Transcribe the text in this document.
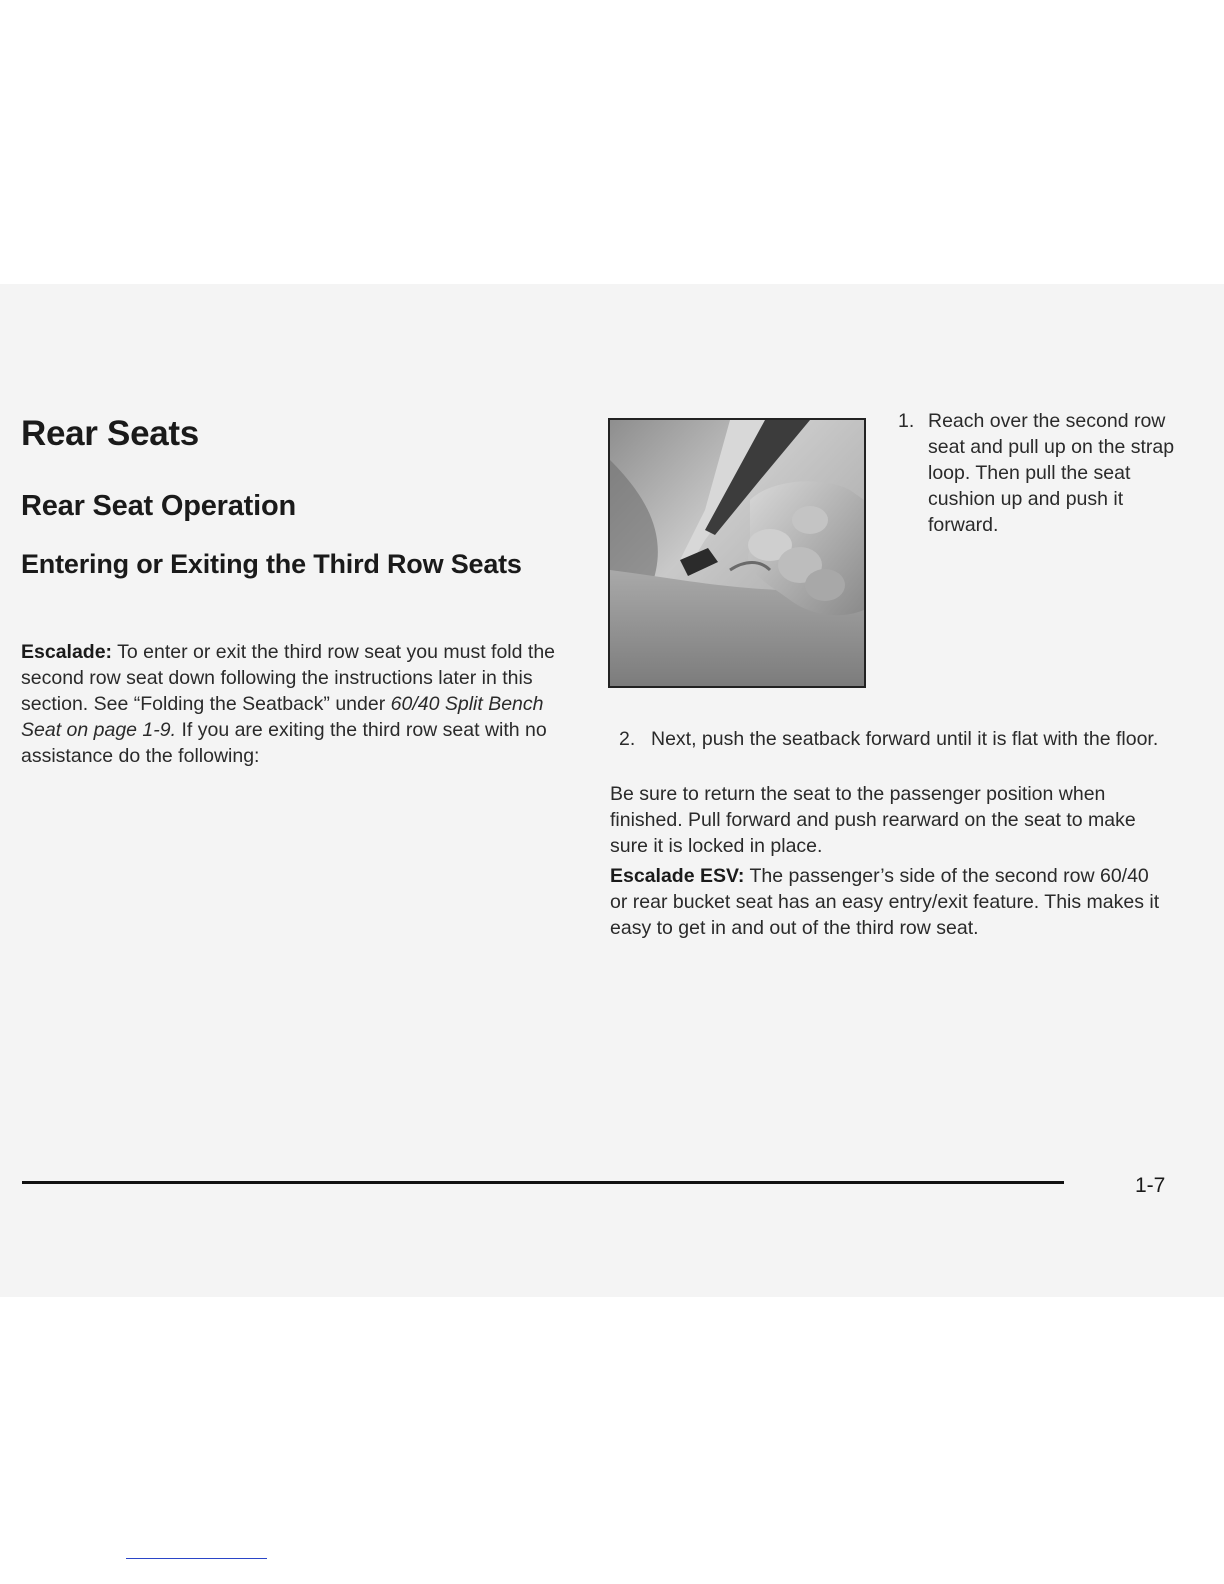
Rear Seats
Rear Seat Operation
Entering or Exiting the Third Row Seats

Escalade: To enter or exit the third row seat you must fold the second row seat down following the instructions later in this section. See “Folding the Seatback” under 60/40 Split Bench Seat on page 1-9. If you are exiting the third row seat with no assistance do the following:

1. Reach over the second row seat and pull up on the strap loop. Then pull the seat cushion up and push it forward.

2. Next, push the seatback forward until it is flat with the floor.

Be sure to return the seat to the passenger position when finished. Pull forward and push rearward on the seat to make sure it is locked in place.

Escalade ESV: The passenger’s side of the second row 60/40 or rear bucket seat has an easy entry/exit feature. This makes it easy to get in and out of the third row seat.

1-7
